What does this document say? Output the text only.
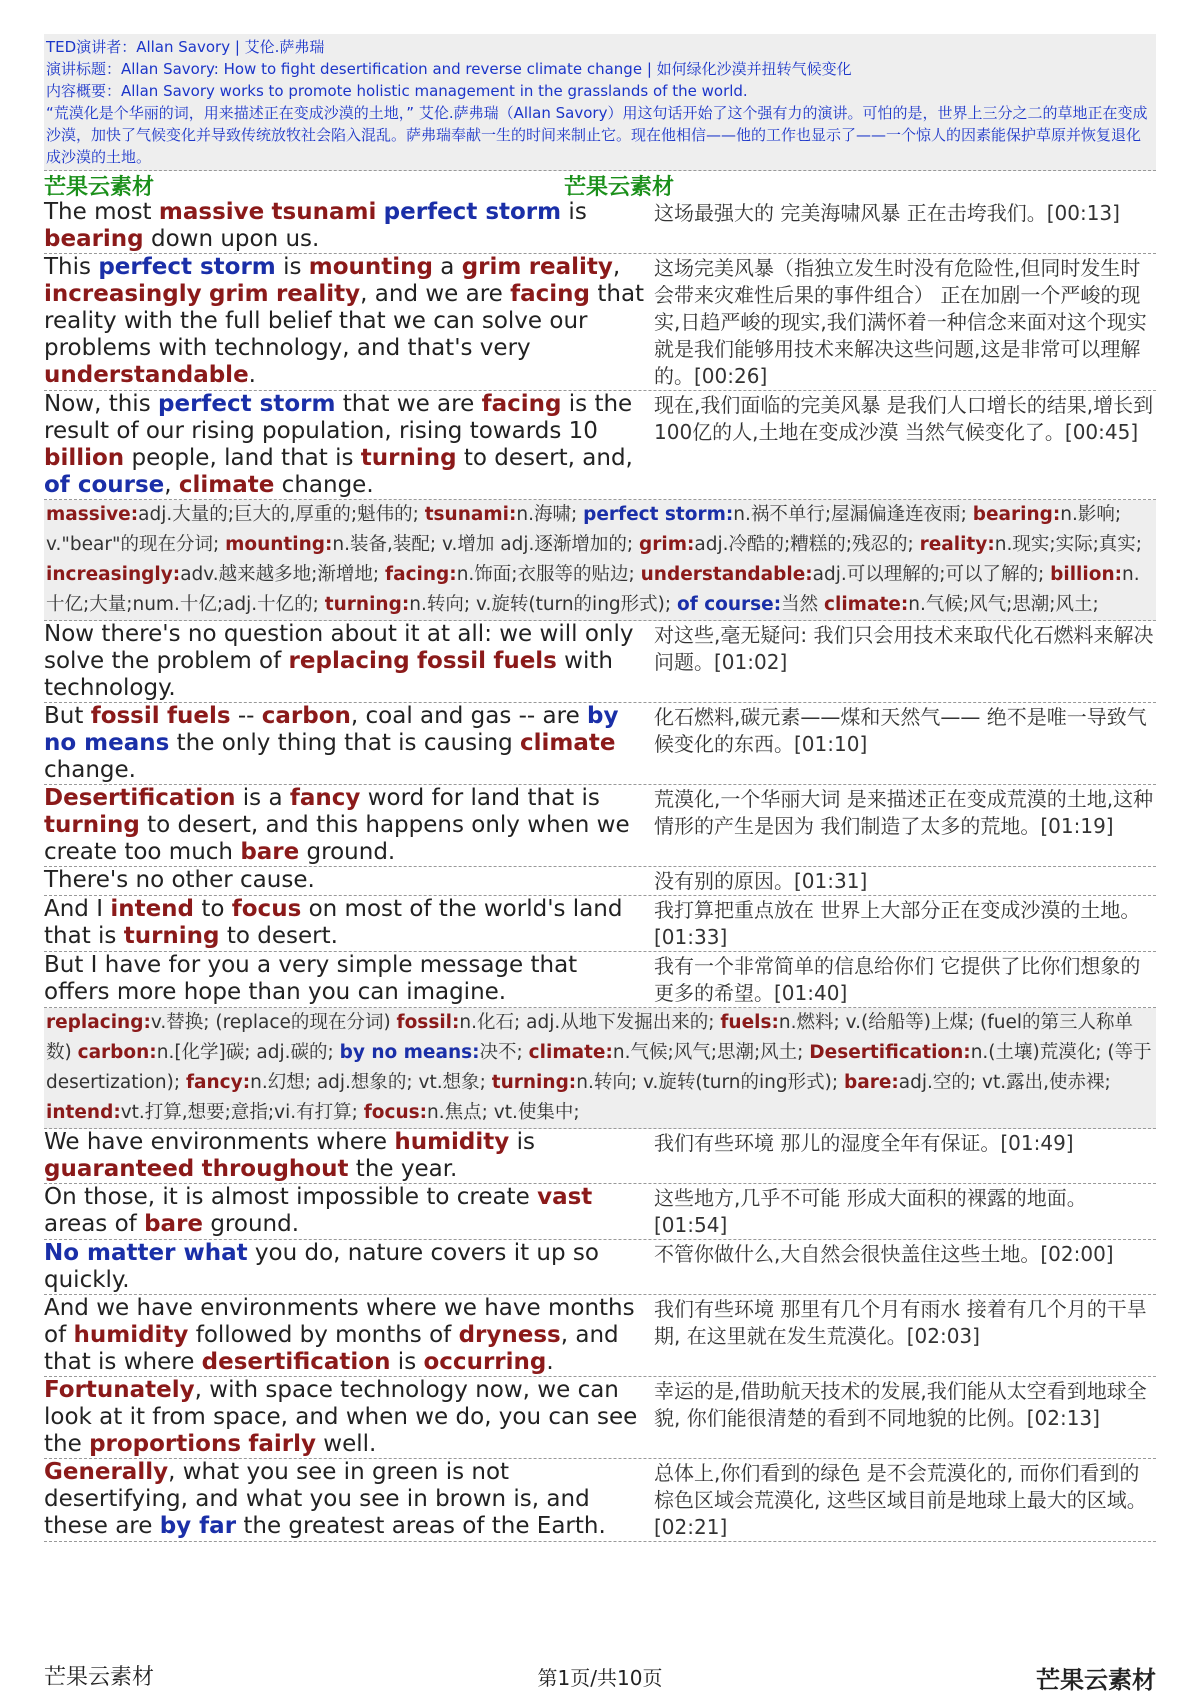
TED演讲者：Allan Savory | 艾伦.萨弗瑞
演讲标题：Allan Savory: How to fight desertification and reverse climate change | 如何绿化沙漠并扭转气候变化
内容概要：Allan Savory works to promote holistic management in the grasslands of the world.
“荒漠化是个华丽的词，用来描述正在变成沙漠的土地，” 艾伦.萨弗瑞（Allan Savory）用这句话开始了这个强有力的演讲。可怕的是，世界上三分之二的草地正在变成沙漠，加快了气候变化并导致传统放牧社会陷入混乱。萨弗瑞奉献一生的时间来制止它。现在他相信——他的工作也显示了——一个惊人的因素能保护草原并恢复退化成沙漠的土地。
芒果云素材	芒果云素材
The most massive tsunami perfect storm is bearing down upon us.
这场最强大的 完美海啸风暴 正在击垮我们。[00:13]
This perfect storm is mounting a grim reality, increasingly grim reality, and we are facing that reality with the full belief that we can solve our problems with technology, and that's very understandable.
这场完美风暴（指独立发生时没有危险性,但同时发生时会带来灾难性后果的事件组合） 正在加剧一个严峻的现实,日趋严峻的现实,我们满怀着一种信念来面对这个现实 就是我们能够用技术来解决这些问题,这是非常可以理解的。[00:26]
Now, this perfect storm that we are facing is the result of our rising population, rising towards 10 billion people, land that is turning to desert, and, of course, climate change.
现在,我们面临的完美风暴 是我们人口增长的结果,增长到100亿的人,土地在变成沙漠 当然气候变化了。[00:45]
massive:adj.大量的;巨大的,厚重的;魁伟的; tsunami:n.海啸; perfect storm:n.祸不单行;屋漏偏逢连夜雨; bearing:n.影响; v."bear"的现在分词; mounting:n.装备,装配; v.增加 adj.逐渐增加的; grim:adj.冷酷的;糟糕的;残忍的; reality:n.现实;实际;真实; increasingly:adv.越来越多地;渐增地; facing:n.饰面;衣服等的贴边; understandable:adj.可以理解的;可以了解的; billion:n.十亿;大量;num.十亿;adj.十亿的; turning:n.转向; v.旋转(turn的ing形式); of course:当然 climate:n.气候;风气;思潮;风土;
Now there's no question about it at all: we will only solve the problem of replacing fossil fuels with technology.
对这些,毫无疑问: 我们只会用技术来取代化石燃料来解决问题。[01:02]
But fossil fuels -- carbon, coal and gas -- are by no means the only thing that is causing climate change.
化石燃料,碳元素——煤和天然气—— 绝不是唯一导致气候变化的东西。[01:10]
Desertification is a fancy word for land that is turning to desert, and this happens only when we create too much bare ground.
荒漠化,一个华丽大词 是来描述正在变成荒漠的土地,这种情形的产生是因为 我们制造了太多的荒地。[01:19]
There's no other cause.	没有别的原因。[01:31]
And I intend to focus on most of the world's land that is turning to desert.
我打算把重点放在 世界上大部分正在变成沙漠的土地。[01:33]
But I have for you a very simple message that offers more hope than you can imagine.
我有一个非常简单的信息给你们 它提供了比你们想象的更多的希望。[01:40]
replacing:v.替换; (replace的现在分词) fossil:n.化石; adj.从地下发掘出来的; fuels:n.燃料; v.(给船等)上煤; (fuel的第三人称单数) carbon:n.[化学]碳; adj.碳的; by no means:决不; climate:n.气候;风气;思潮;风土; Desertification:n.(土壤)荒漠化; (等于desertization); fancy:n.幻想; adj.想象的; vt.想象; turning:n.转向; v.旋转(turn的ing形式); bare:adj.空的; vt.露出,使赤裸; intend:vt.打算,想要;意指;vi.有打算; focus:n.焦点; vt.使集中;
We have environments where humidity is guaranteed throughout the year.
我们有些环境 那儿的湿度全年有保证。[01:49]
On those, it is almost impossible to create vast areas of bare ground.
这些地方,几乎不可能 形成大面积的裸露的地面。[01:54]
No matter what you do, nature covers it up so quickly.
不管你做什么,大自然会很快盖住这些土地。[02:00]
And we have environments where we have months of humidity followed by months of dryness, and that is where desertification is occurring.
我们有些环境 那里有几个月有雨水 接着有几个月的干旱期, 在这里就在发生荒漠化。[02:03]
Fortunately, with space technology now, we can look at it from space, and when we do, you can see the proportions fairly well.
幸运的是,借助航天技术的发展,我们能从太空看到地球全貌, 你们能很清楚的看到不同地貌的比例。[02:13]
Generally, what you see in green is not desertifying, and what you see in brown is, and these are by far the greatest areas of the Earth.
总体上,你们看到的绿色 是不会荒漠化的, 而你们看到的棕色区域会荒漠化, 这些区域目前是地球上最大的区域。[02:21]
芒果云素材	第1页/共10页	芒果云素材
